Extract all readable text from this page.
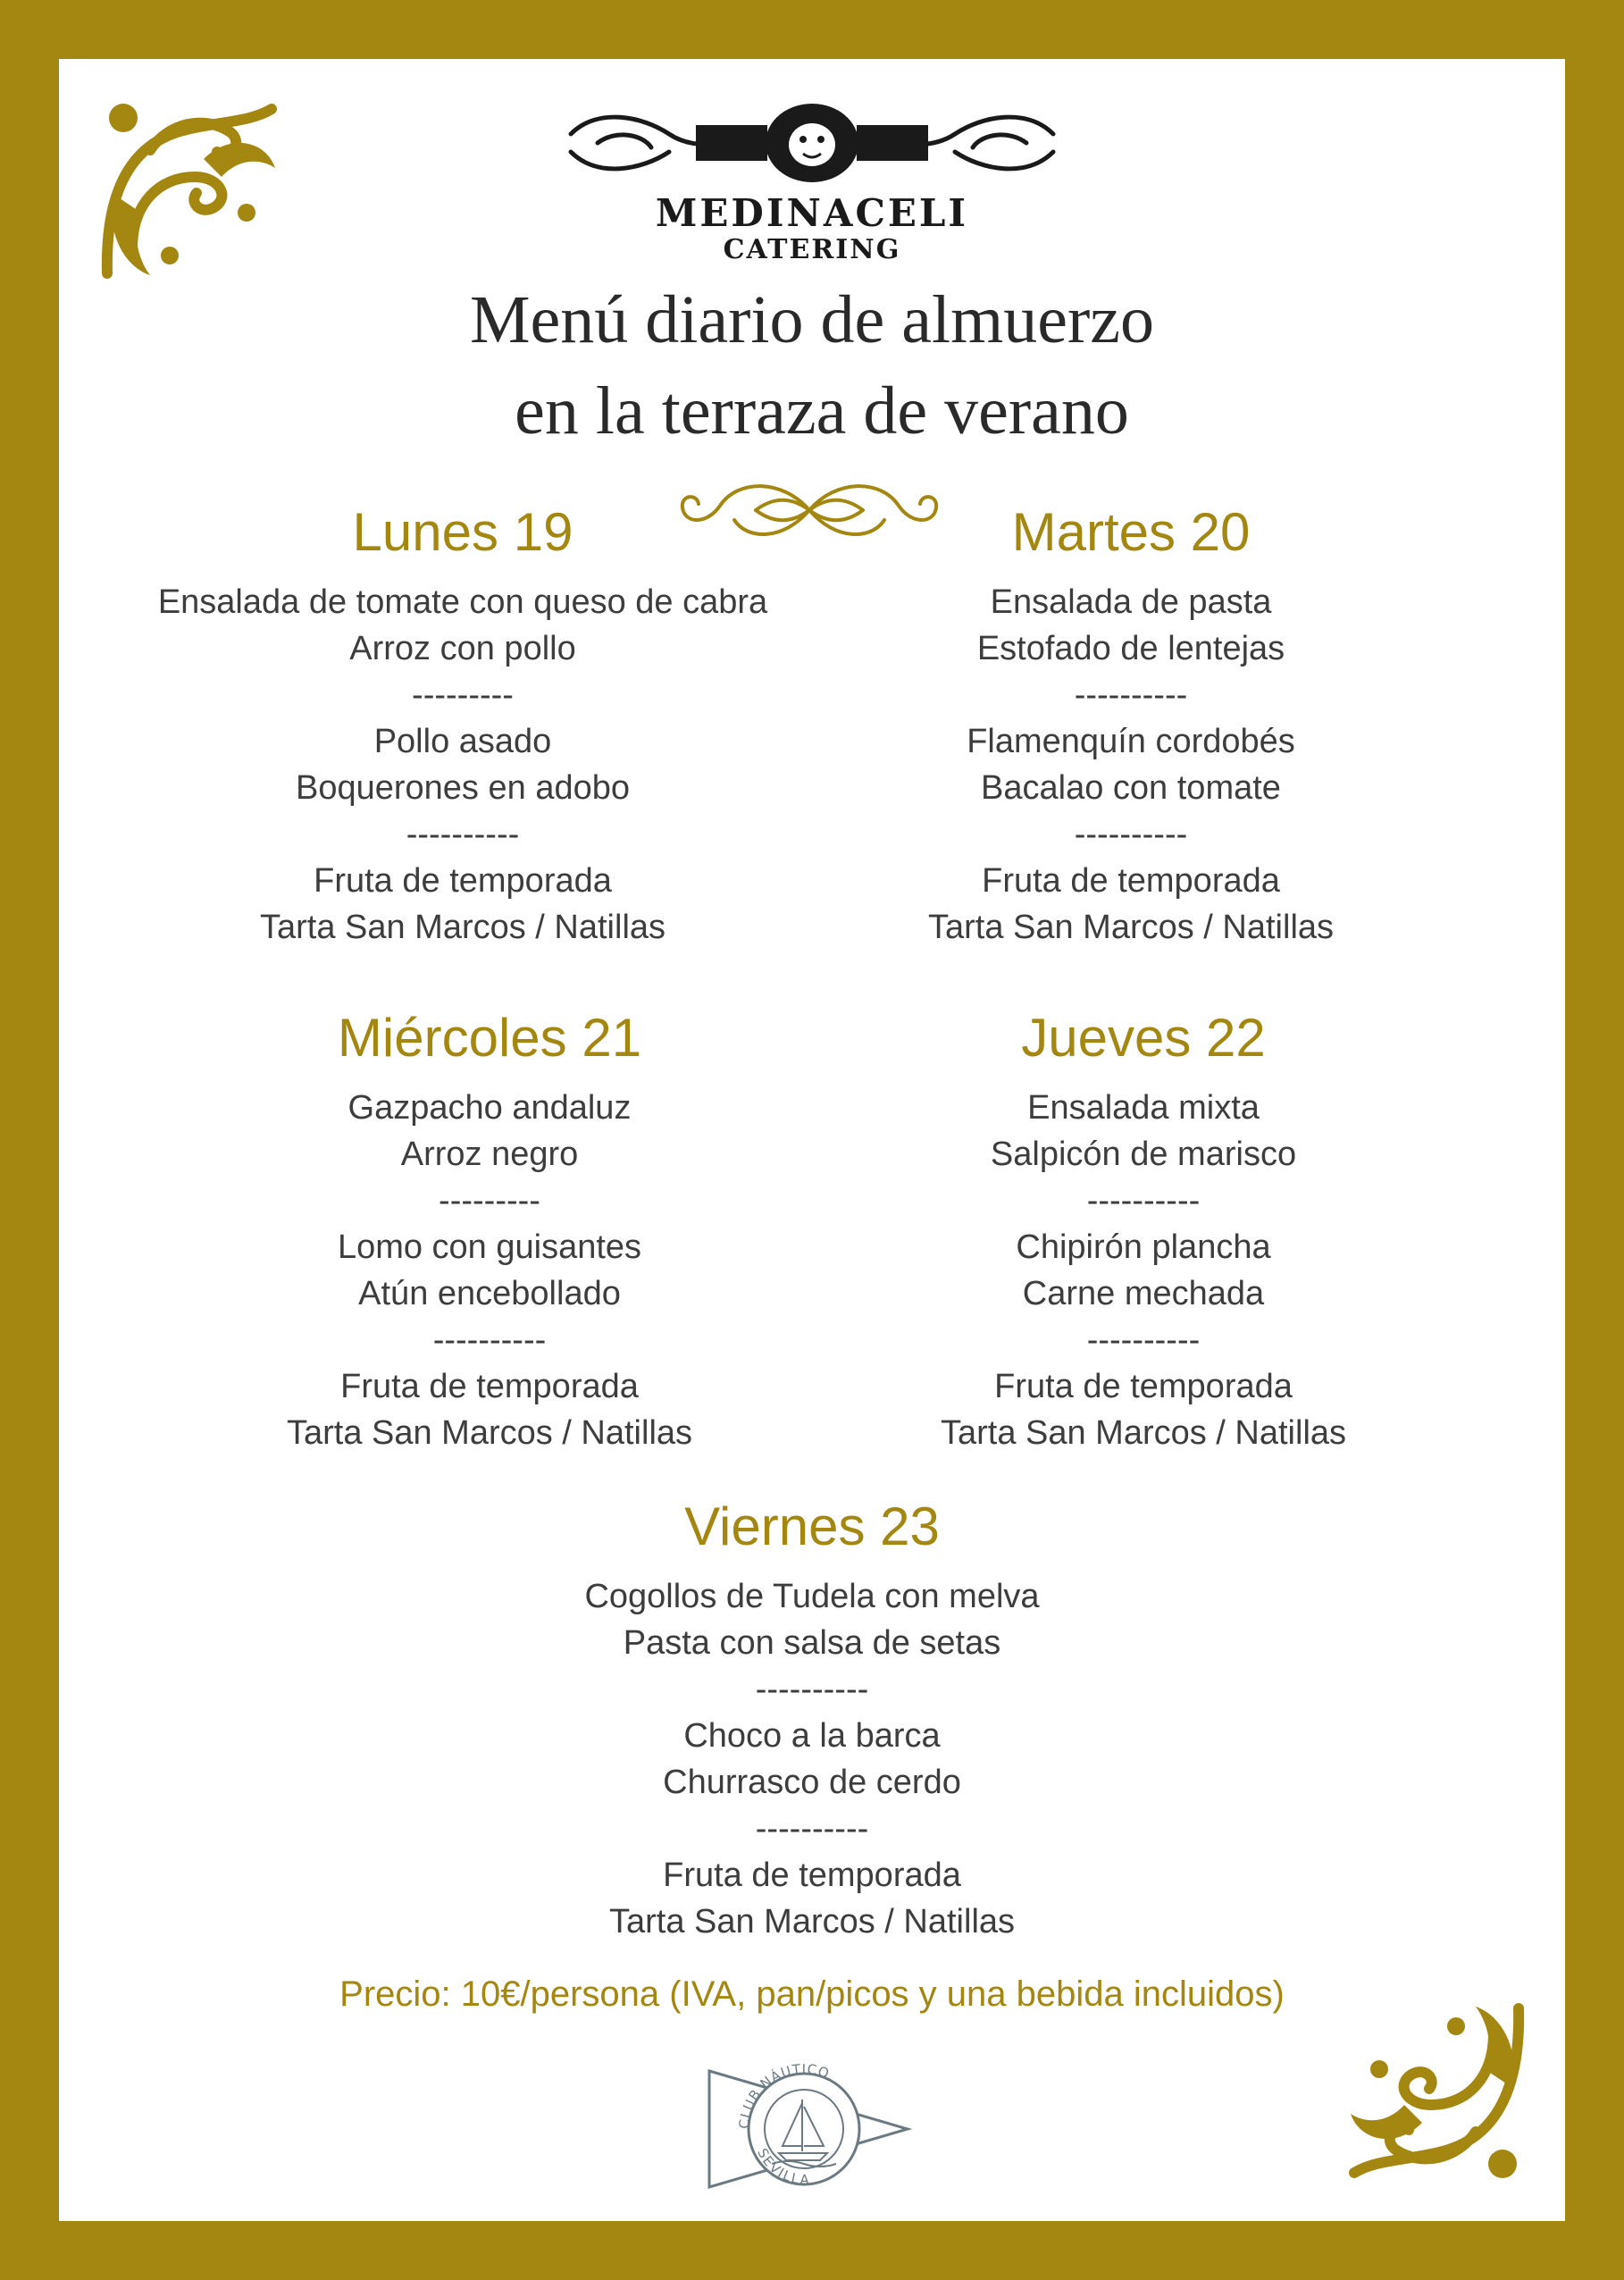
MEDINACELI
CATERING
Menú diario de almuerzo
en la terraza de verano
Lunes 19
Ensalada de tomate con queso de cabra
Arroz con pollo
---------
Pollo asado
Boquerones en adobo
----------
Fruta de temporada
Tarta San Marcos / Natillas
Martes 20
Ensalada de pasta
Estofado de lentejas
----------
Flamenquín cordobés
Bacalao con tomate
----------
Fruta de temporada
Tarta San Marcos / Natillas
Miércoles 21
Gazpacho andaluz
Arroz negro
---------
Lomo con guisantes
Atún encebollado
----------
Fruta de temporada
Tarta San Marcos / Natillas
Jueves 22
Ensalada mixta
Salpicón de marisco
----------
Chipirón plancha
Carne mechada
----------
Fruta de temporada
Tarta San Marcos / Natillas
Viernes 23
Cogollos de Tudela con melva
Pasta con salsa de setas
----------
Choco a la barca
Churrasco de cerdo
----------
Fruta de temporada
Tarta San Marcos / Natillas
Precio: 10€/persona (IVA, pan/picos y una bebida incluidos)
CLUB NÁUTICO
SEVILLA
